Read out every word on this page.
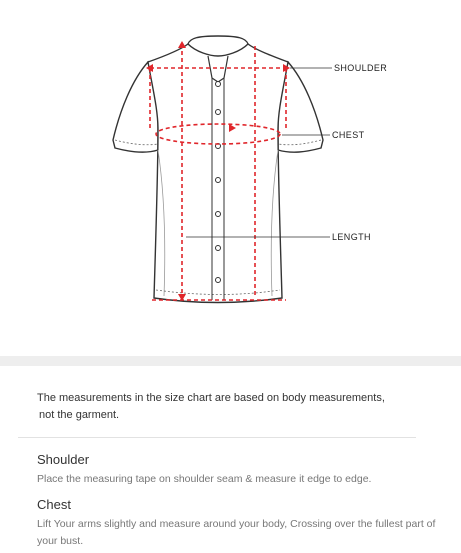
SHOULDER
CHEST
LENGTH
The measurements in the size chart are based on body measurements,
not the garment.
Shoulder

Place the measuring tape on shoulder seam & measure it edge to edge.

Chest

Lift Your arms slightly and measure around your body, Crossing over the fullest part of your bust.
